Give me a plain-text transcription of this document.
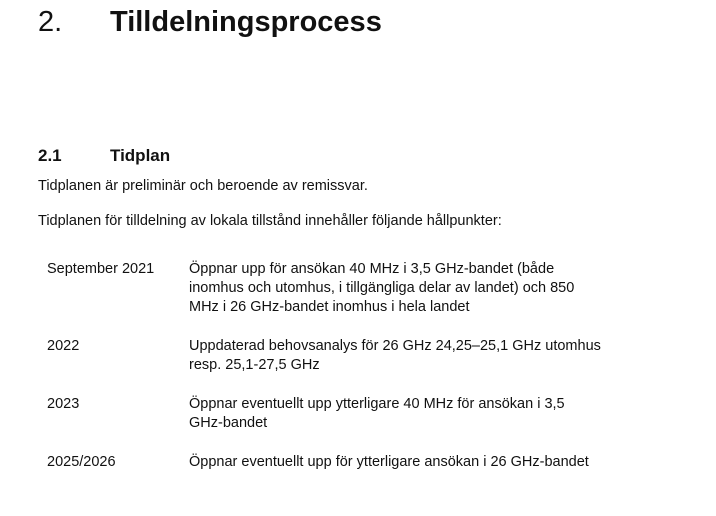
2. Tilldelningsprocess
2.1	Tidplan
Tidplanen är preliminär och beroende av remissvar.
Tidplanen för tilldelning av lokala tillstånd innehåller följande hållpunkter:
September 2021	Öppnar upp för ansökan 40 MHz i 3,5 GHz-bandet (både
inomhus och utomhus, i tillgängliga delar av landet) och 850
MHz i 26 GHz-bandet inomhus i hela landet
2022	Uppdaterad behovsanalys för 26 GHz 24,25–25,1 GHz utomhus
resp. 25,1-27,5 GHz
2023	Öppnar eventuellt upp ytterligare 40 MHz för ansökan i 3,5
GHz-bandet
2025/2026	Öppnar eventuellt upp för ytterligare ansökan i 26 GHz-bandet
